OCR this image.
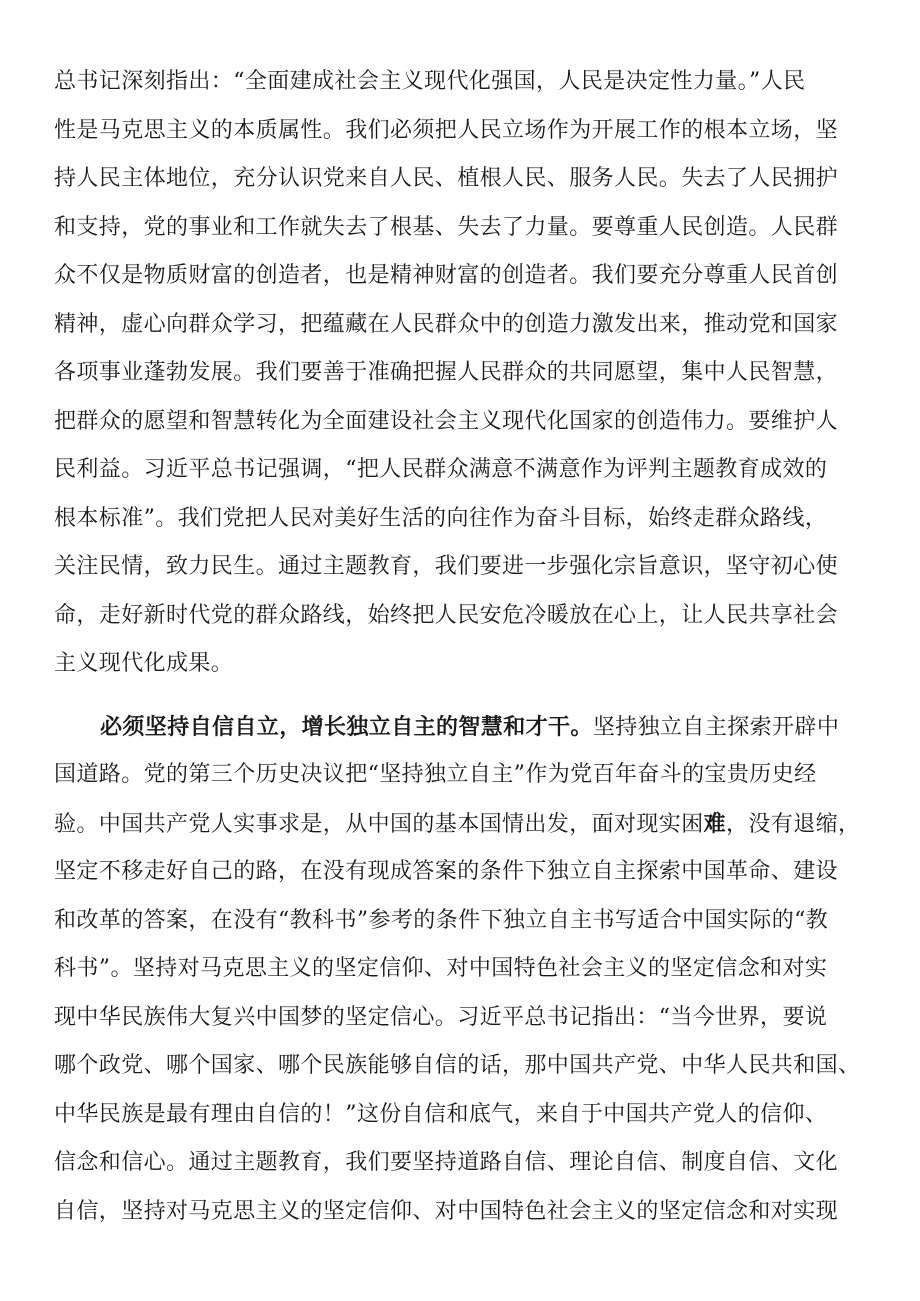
总书记深刻指出：“全面建成社会主义现代化强国，人民是决定性力量。”人民
性是马克思主义的本质属性。我们必须把人民立场作为开展工作的根本立场，坚
持人民主体地位，充分认识党来自人民、植根人民、服务人民。失去了人民拥护
和支持，党的事业和工作就失去了根基、失去了力量。要尊重人民创造。人民群
众不仅是物质财富的创造者，也是精神财富的创造者。我们要充分尊重人民首创
精神，虚心向群众学习，把蕴藏在人民群众中的创造力激发出来，推动党和国家
各项事业蓬勃发展。我们要善于准确把握人民群众的共同愿望，集中人民智慧，
把群众的愿望和智慧转化为全面建设社会主义现代化国家的创造伟力。要维护人
民利益。习近平总书记强调，“把人民群众满意不满意作为评判主题教育成效的
根本标准”。我们党把人民对美好生活的向往作为奋斗目标，始终走群众路线，
关注民情，致力民生。通过主题教育，我们要进一步强化宗旨意识，坚守初心使
命，走好新时代党的群众路线，始终把人民安危冷暖放在心上，让人民共享社会
主义现代化成果。
必须坚持自信自立，增长独立自主的智慧和才干。坚持独立自主探索开辟中
国道路。党的第三个历史决议把“坚持独立自主”作为党百年奋斗的宝贵历史经
验。中国共产党人实事求是，从中国的基本国情出发，面对现实困难，没有退缩，
坚定不移走好自己的路，在没有现成答案的条件下独立自主探索中国革命、建设
和改革的答案，在没有“教科书”参考的条件下独立自主书写适合中国实际的“教
科书”。坚持对马克思主义的坚定信仰、对中国特色社会主义的坚定信念和对实
现中华民族伟大复兴中国梦的坚定信心。习近平总书记指出：“当今世界，要说
哪个政党、哪个国家、哪个民族能够自信的话，那中国共产党、中华人民共和国、
中华民族是最有理由自信的！”这份自信和底气，来自于中国共产党人的信仰、
信念和信心。通过主题教育，我们要坚持道路自信、理论自信、制度自信、文化
自信，坚持对马克思主义的坚定信仰、对中国特色社会主义的坚定信念和对实现
